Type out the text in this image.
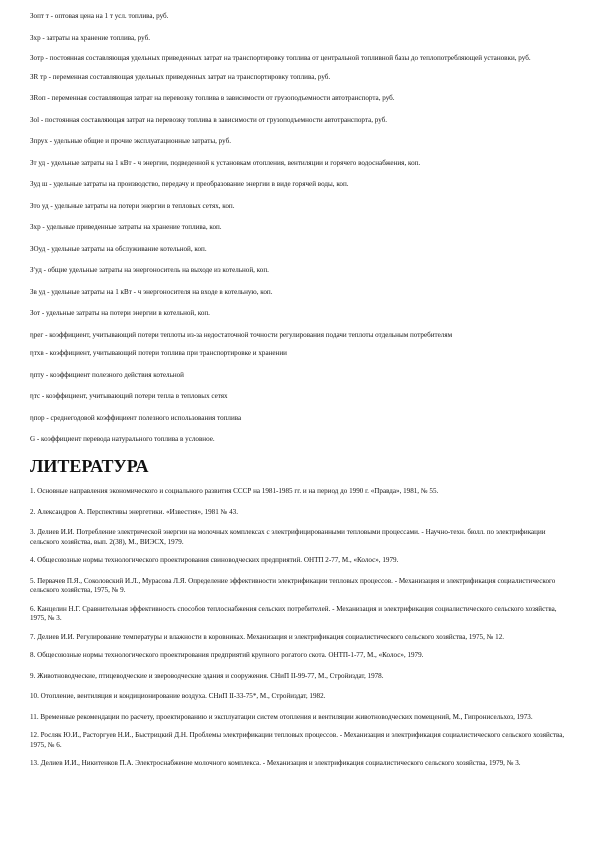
Зопт т - оптовая цена на 1 т усл. топлива, руб.

Зхр - затраты на хранение топлива, руб.

Зотр - постоянная составляющая удельных приведенных затрат на транспортировку топлива от центральной топливной базы до теплопотребляющей установки, руб.

ЗR тр - переменная составляющая удельных приведенных затрат на транспортировку топлива, руб.

ЗRоп - переменная составляющая затрат на перевозку топлива в зависимости от грузоподъемности автотранспорта, руб.

Зоl - постоянная составляющая затрат на перевозку топлива в зависимости от грузоподъемности автотранспорта, руб.

Зпрух - удельные общие и прочие эксплуатационные затраты, руб.

Зт уд - удельные затраты на 1 кВт - ч энергии, подведенной к установкам отопления, вентиляции и горячего водоснабжения, коп.

Зуд ш - удельные затраты на производство, передачу и преобразование энергии в виде горячей воды, коп.

Зто уд - удельные затраты на потери энергии в тепловых сетях, коп.

Зхр - удельные приведенные затраты на хранение топлива, коп.

ЗОуд - удельные затраты на обслуживание котельной, коп.

Зʹуд - общие удельные затраты на энергоноситель на выходе из котельной, коп.

Зв уд - удельные затраты на 1 кВт - ч энергоносителя на входе в котельную, коп.

Зот - удельные затраты на потери энергии в котельной, коп.

ηрег - коэффициент, учитывающий потери теплоты из-за недостаточной точности регулирования подачи теплоты отдельным потребителям

ηтхв - коэффициент, учитывающий потери топлива при транспортировке и хранении

ηпту - коэффициент полезного действия котельной

ηтс - коэффициент, учитывающий потери тепла в тепловых сетях

ηпор - среднегодовой коэффициент полезного использования топлива

G - коэффициент перевода натурального топлива в условное.

ЛИТЕРАТУРА

1. Основные направления экономического и социального развития СССР на 1981-1985 гг. и на период до 1990 г. «Правда», 1981, № 55.

2. Александров А. Перспективы энергетики. «Известия», 1981 № 43.

3. Делиев И.И. Потребление электрической энергии на молочных комплексах с электрифицированными тепловыми процессами. - Научно-техн. бюлл. по электрификации сельского хозяйства, вып. 2(38), М., ВИЭСХ, 1979.

4. Общесоюзные нормы технологического проектирования свиноводческих предприятий. ОНТП 2-77, М., «Колос», 1979.

5. Первачев П.Я., Соколовский И.Л., Мурасова Л.Я. Определение эффективности электрификации тепловых процессов. - Механизация и электрификация социалистического сельского хозяйства, 1975, № 9.

6. Канцелин Н.Г. Сравнительная эффективность способов теплоснабжения сельских потребителей. - Механизация и электрификация социалистического сельского хозяйства, 1975, № 3.

7. Делиев И.И. Регулирование температуры и влажности в коровниках. Механизация и электрификация социалистического сельского хозяйства, 1975, № 12.

8. Общесоюзные нормы технологического проектирования предприятий крупного рогатого скота. ОНТП-1-77, М., «Колос», 1979.

9. Животноводческие, птицеводческие и звероводческие здания и сооружения. СНиП II-99-77, М., Стройиздат, 1978.

10. Отопление, вентиляция и кондиционирование воздуха. СНиП II-33-75*, М., Стройиздат, 1982.

11. Временные рекомендации по расчету, проектированию и эксплуатации систем отопления и вентиляции животноводческих помещений, М., Гипронисельхоз, 1973.

12. Росляк Ю.И., Расторгуев Н.И., Быстрицкий Д.Н. Проблемы электрификации тепловых процессов. - Механизация и электрификация социалистического сельского хозяйства, 1975, № 6.

13. Делиев И.И., Никитенков П.А. Электроснабжение молочного комплекса. - Механизация и электрификация социалистического сельского хозяйства, 1979, № 3.
